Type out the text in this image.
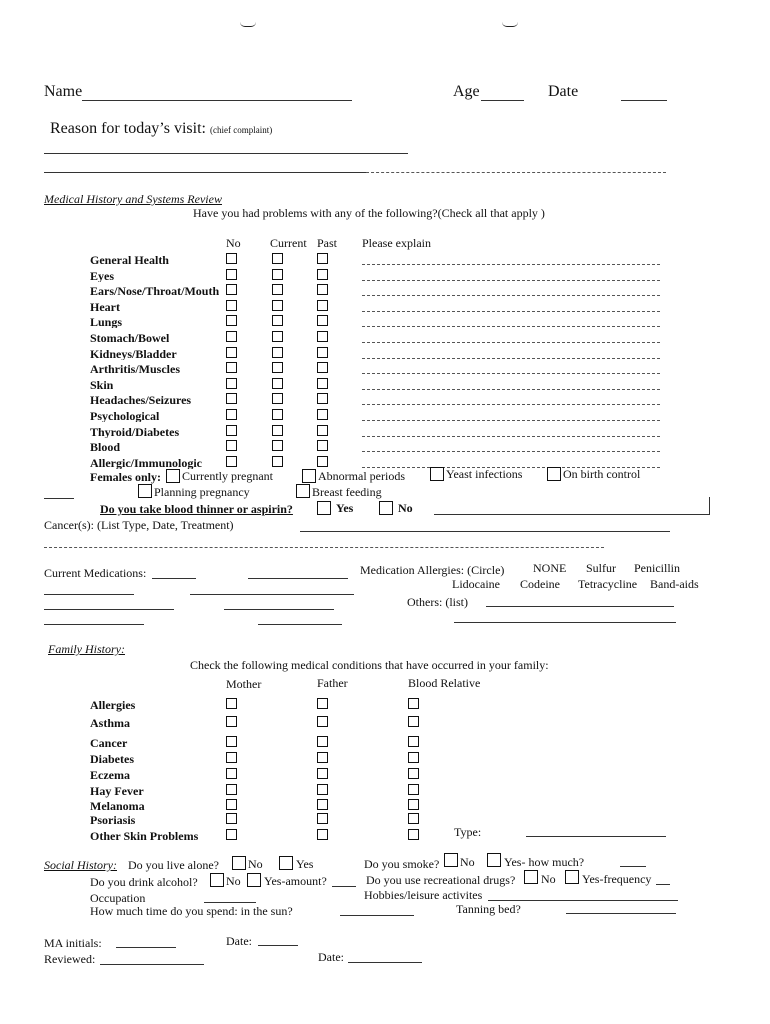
Name	Age	Date
Reason for today’s visit: (chief complaint)
Medical History and Systems Review
Have you had problems with any of the following?(Check all that apply )
No Current Past Please explain
General Health
Eyes
Ears/Nose/Throat/Mouth
Heart
Lungs
Stomach/Bowel
Kidneys/Bladder
Arthritis/Muscles
Skin
Headaches/Seizures
Psychological
Thyroid/Diabetes
Blood
Allergic/Immunologic
Females only: Currently pregnant	Abnormal periods	Yeast infections	On birth control
Planning pregnancy	Breast feeding
Do you take blood thinner or aspirin?	Yes	No
Cancer(s): (List Type, Date, Treatment)
Current Medications:	Medication Allergies: (Circle) NONE Sulfur Penicillin
Lidocaine Codeine Tetracycline Band-aids
Others: (list)
Family History:
Check the following medical conditions that have occurred in your family:
Mother	Father	Blood Relative
Allergies
Asthma
Cancer
Diabetes
Eczema
Hay Fever
Melanoma
Psoriasis
Other Skin Problems	Type:
Social History: Do you live alone? No	Yes	Do you smoke? No Yes- how much?
Do you drink alcohol? No Yes-amount?	Do you use recreational drugs? No Yes-frequency
Occupation	Hobbies/leisure activites
How much time do you spend: in the sun?	Tanning bed?
MA initials:	Date:
Reviewed:	Date:
